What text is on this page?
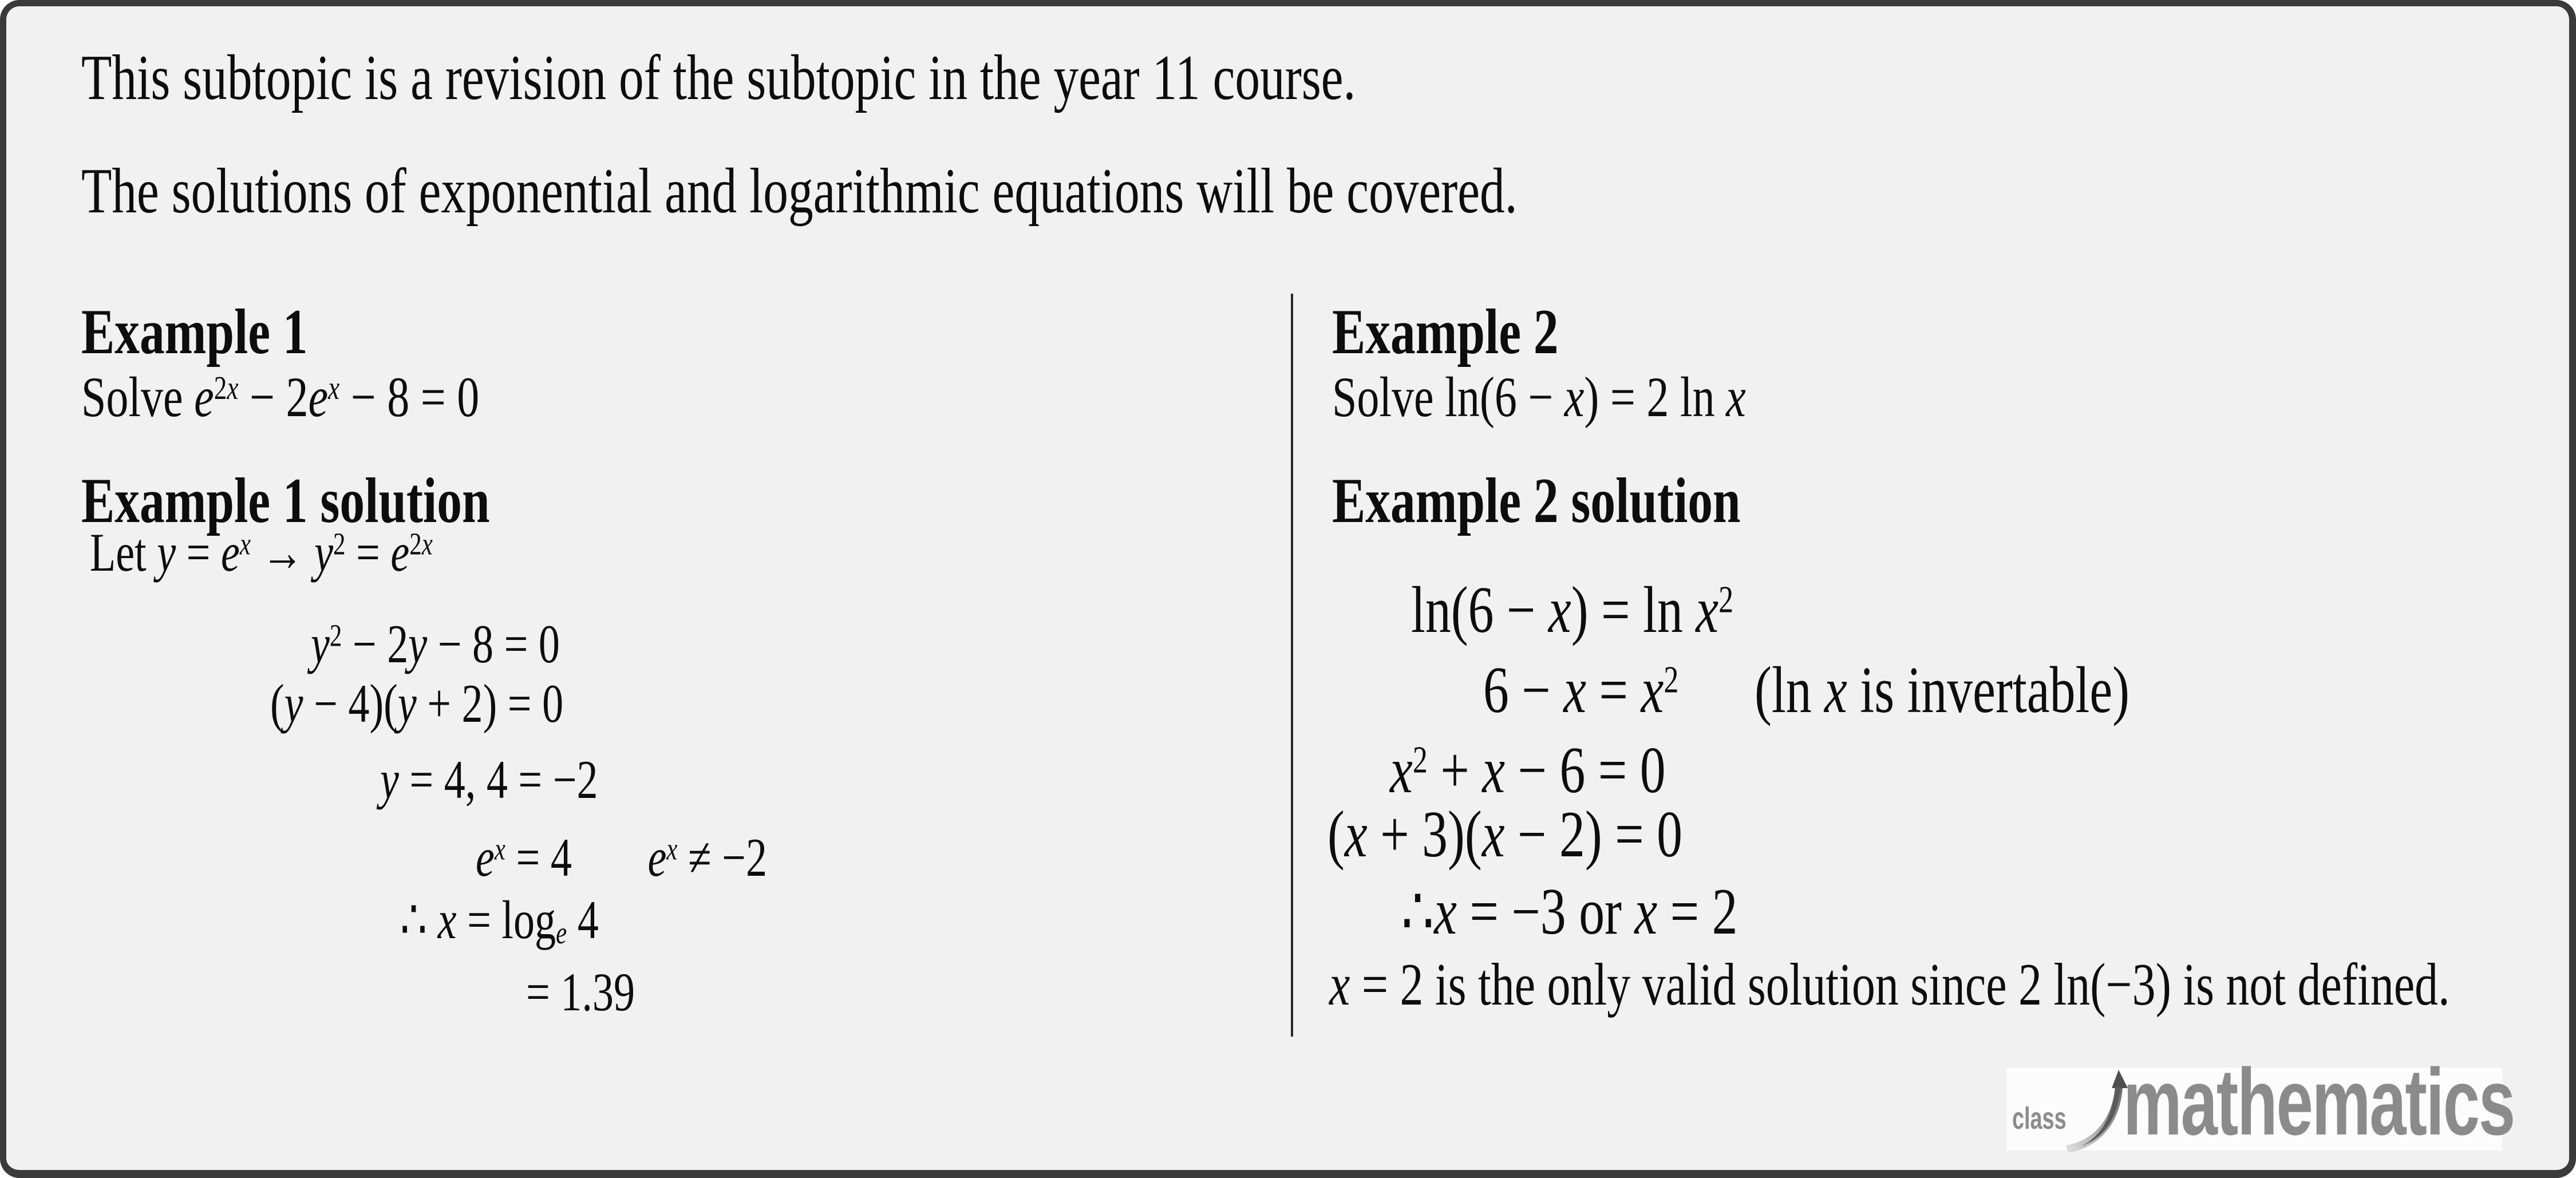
This subtopic is a revision of the subtopic in the year 11 course.
The solutions of exponential and logarithmic equations will be covered.
Example 1
Solve $e^{2x} - 2e^x - 8 = 0$
Example 1 solution
Let $y = e^x \to y^2 = e^{2x}$
$y^2 - 2y - 8 = 0$
(y − 4)(y + 2) = 0
y = 4, 4 = −2
$e^x = 4$ $e^x \ne -2$
∴ x = loge 4
= 1.39
Example 2
Solve ln(6 − x) = 2 ln x
Example 2 solution
$\ln(6 - x) = \ln x^2$
$6 - x = x^2$ (ln x is invertable)
$x^2 + x - 6 = 0$
(x + 3)(x − 2) = 0
∴x = −3 or x = 2
x = 2 is the only valid solution since 2 ln(−3) is not defined.
class mathematics
